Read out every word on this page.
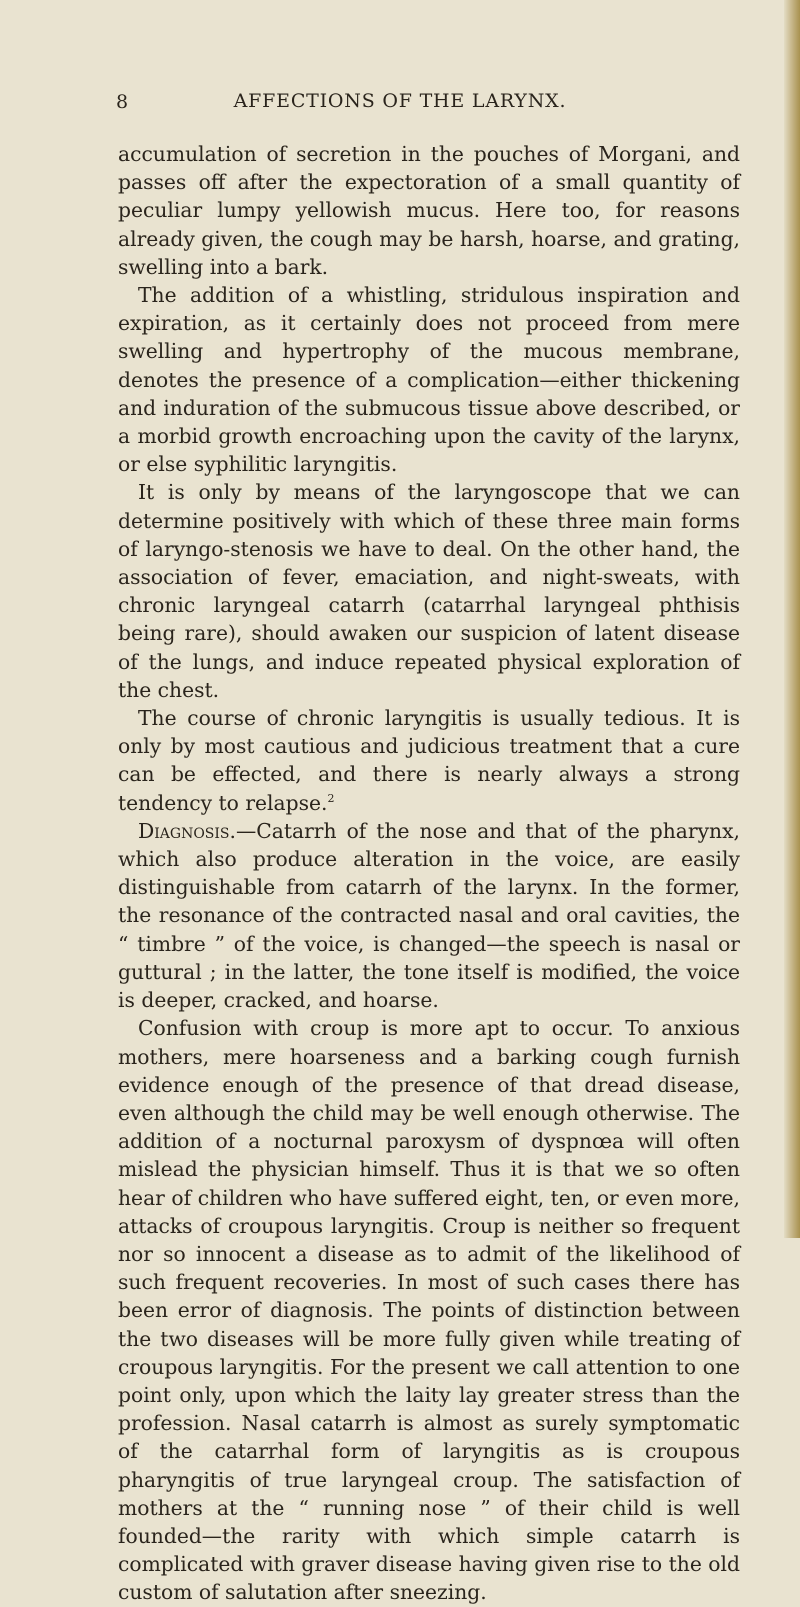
8	AFFECTIONS OF THE LARYNX.

accumulation of secretion in the pouches of Morgani, and passes off after the expectoration of a small quantity of peculiar lumpy yellowish mucus. Here too, for reasons already given, the cough may be harsh, hoarse, and grating, swelling into a bark.

The addition of a whistling, stridulous inspiration and expiration, as it certainly does not proceed from mere swelling and hypertrophy of the mucous membrane, denotes the presence of a complication—either thickening and induration of the submucous tissue above described, or a morbid growth encroaching upon the cavity of the larynx, or else syphilitic laryngitis.

It is only by means of the laryngoscope that we can determine positively with which of these three main forms of laryngo-stenosis we have to deal. On the other hand, the association of fever, emaciation, and night-sweats, with chronic laryngeal catarrh (catarrhal laryngeal phthisis being rare), should awaken our suspicion of latent disease of the lungs, and induce repeated physical exploration of the chest.

The course of chronic laryngitis is usually tedious. It is only by most cautious and judicious treatment that a cure can be effected, and there is nearly always a strong tendency to relapse.$^2$

Diagnosis.—Catarrh of the nose and that of the pharynx, which also produce alteration in the voice, are easily distinguishable from catarrh of the larynx. In the former, the resonance of the contracted nasal and oral cavities, the “ timbre ” of the voice, is changed—the speech is nasal or guttural ; in the latter, the tone itself is modified, the voice is deeper, cracked, and hoarse.

Confusion with croup is more apt to occur. To anxious mothers, mere hoarseness and a barking cough furnish evidence enough of the presence of that dread disease, even although the child may be well enough otherwise. The addition of a nocturnal paroxysm of dyspnœa will often mislead the physician himself. Thus it is that we so often hear of children who have suffered eight, ten, or even more, attacks of croupous laryngitis. Croup is neither so frequent nor so innocent a disease as to admit of the likelihood of such frequent recoveries. In most of such cases there has been error of diagnosis. The points of distinction between the two diseases will be more fully given while treating of croupous laryngitis. For the present we call attention to one point only, upon which the laity lay greater stress than the profession. Nasal catarrh is almost as surely symptomatic of the catarrhal form of laryngitis as is croupous pharyngitis of true laryngeal croup. The satisfaction of mothers at the “ running nose ” of their child is well founded—the rarity with which simple catarrh is complicated with graver disease having given rise to the old custom of salutation after sneezing.
